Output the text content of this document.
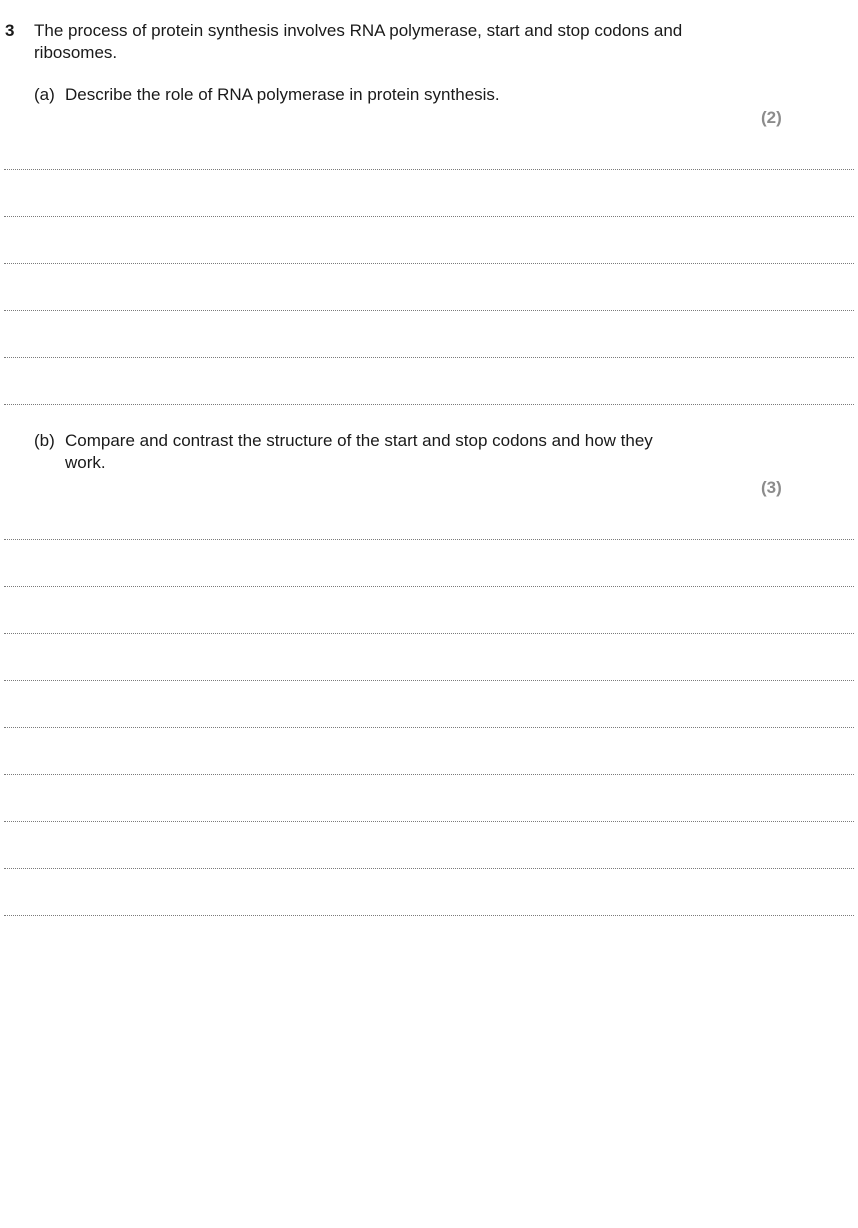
3 The process of protein synthesis involves RNA polymerase, start and stop codons and ribosomes.

(a) Describe the role of RNA polymerase in protein synthesis.
(2)
(b) Compare and contrast the structure of the start and stop codons and how they work.
(3)
